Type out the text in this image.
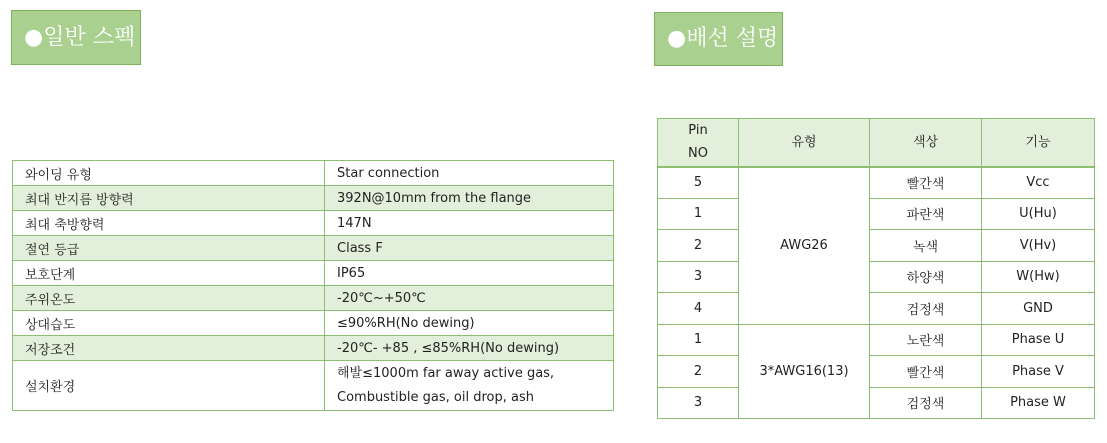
●일반 스펙	●배선 설명
와이딩 유형	Star connection
최대 반지름 방향력	392N@10mm from the flange
최대 축방향력	147N
절연 등급	Class F
보호단계	IP65
주위온도	-20℃~+50℃
상대습도	≤90%RH(No dewing)
저장조건	-20℃- +85 , ≤85%RH(No dewing)
설치환경	해발≤1000m far away active gas, Combustible gas, oil drop, ash
Pin NO	유형	색상	기능
5	AWG26	빨간색	Vcc
1		파란색	U(Hu)
2		녹색	V(Hv)
3		하양색	W(Hw)
4		검정색	GND
1	3*AWG16(13)	노란색	Phase U
2		빨간색	Phase V
3		검정색	Phase W
